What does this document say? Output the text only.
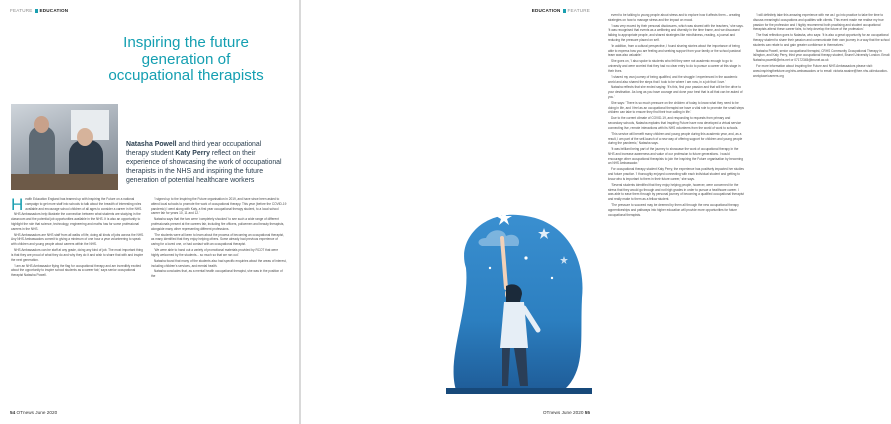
FEATURE EDUCATION
Inspiring the future generation of occupational therapists
Natasha Powell and third year occupational therapy student Katy Perry reflect on their experience of showcasing the work of occupational therapists in the NHS and inspiring the future generation of potential healthcare workers

Health Education England has teamed up with Inspiring the Future on a national campaign to get more staff into schools to talk about the breadth of interesting roles available and encourage school children of all ages to consider a career in the NHS.

NHS Ambassadors help illustrate the connection between what students are studying in the classroom and the potential job opportunities available in the NHS. It is also an opportunity to highlight the role that science, technology, engineering and maths has for some professional careers in the NHS.

NHS Ambassadors are NHS staff from all walks of life, doing all kinds of jobs across the NHS. Any NHS Ambassadors commit to giving a minimum of one hour a year volunteering to speak with children and young people about careers within the NHS.

NHS Ambassadors can be staff at any grade, doing any kind of job. The most important thing is that they are proud of what they do and why they do it and wish to share that with and inspire the next generation.

'I am an NHS Ambassador flying the flag for occupational therapy and am incredibly excited about the opportunity to inspire school students as a career fair,' says senior occupational therapist Natasha Powell.

'I signed up to the Inspiring the Future organisation in 2019, and have since been asked to attend local schools to promote the work of occupational therapy. This year (before the COVID-19 pandemic) I went along with Katy, a first year occupational therapy student, to a local school career fair for years 10, 11 and 12.'

Natasha says that the two were 'completely shocked' to see such a wide range of different professionals present at the careers fair, including fire officers, policemen and beauty therapists, alongside many other representing different professions.

'The students were all keen to learn about the process of becoming an occupational therapist, as many identified that they enjoy helping others. Some already had previous experience of caring for a loved one, or had contact with an occupational therapist.

'We were able to hand out a variety of promotional materials provided by RCOT that were highly welcomed by the students... so much so that we ran out.'

Natasha found that many of the students also had specific enquiries about the areas of interest, including children's services, and mental health.

Natasha concludes that, as a mental health occupational therapist, she was in the position of the

54 OTnews June 2020
EDUCATION FEATURE

event to be talking to young people about stress and to explore how it affects them – creating strategies on how to manage stress and the impact on mood.

'I was very moved by their personal disclosures, which was shared with the teachers,' she says. 'It was recognised that events as a wellbeing and diversity in the time frame, and we discussed talking to appropriate people, and shared strategies like mindfulness, reading, a journal and reducing the pressure placed on self.

'In addition, from a cultural perspective, I found sharing stories about the importance of being able to express how you are feeling and seeking support from your family or the school pastoral team was also valuable.'

She goes on, 'I also spoke to students who felt they were not academic enough to go to university and were worried that they had no clear entry to do to pursue a career at this stage in their lives.

'I shared my own journey of being qualified, and the struggle I experienced in the academic world and also shared the steps that I took to be where I am now, in a job that I love.'

Natasha reflects that she ended saying: 'It's this, find your passion and that will be the drive to your destination. As long as you have courage and done your best that is all that can be asked of you.'

She says: 'There is so much pressure on the children of today to know what they need to be doing in life, and I feel as an occupational therapist we have a vital role to promote the small steps children can take to ensure they find their true calling in life.'

Due to the current climate of COVID-19, and responding to requests from primary and secondary schools, Natasha explains that Inspiring Future have now developed a virtual service connecting live, remote interactions with its NHS volunteers from the world of work to schools.

'This service will benefit many children and young people during this academic year, and, as a result, I am part of the self-launch of a new way of offering support for children and young people during the pandemic,' Natasha says.

'It was brilliant being part of the journey to showcase the work of occupational therapy in the NHS and increase awareness and value of our profession to future generations. I would encourage other occupational therapists to join the Inspiring the Future organisation by becoming an NHS Ambassador.'

For occupational therapy student Katy Perry, the experience has positively impacted her studies and future practice. 'I thoroughly enjoyed connecting with each individual student and getting to know who is important to them in their future career,' she says.

'Several students identified that they enjoy helping people, however, were concerned for the stress that they would go through and not high grades in order to pursue a healthcare career. I was able to ease them through by personal journey of becoming a qualified occupational therapist and really make to them as a fellow student.

'The pressure to succeed may be deemed by them all through the new occupational therapy apprenticeships and pathways into higher education will provide more opportunities for future occupational therapists.

'I will definitely take this amazing experience with me as I go into practice to take the time to discuss meaningful occupations and qualities with clients. This event made me realise my true passion for the profession and I highly recommend both practising and student occupational therapists attend these career fairs, to help develop the future of the profession.'

The final reflection goes to Natasha, who says: 'It is also a great opportunity for an occupational therapy student to share their passion and communicate their own journey in a way that the school students can relate to and gain greater confidence in themselves.'

Natasha Powell, senior occupational therapist, CRHS Community Occupational Therapy in Islington, and Katy Perry, third year occupational therapy student, Brunel University London. Email: Natasha.powell6@nhs.net or 07172345@brunel.ac.uk

For more information about Inspiring the Future and NHS Ambassadors please visit: www.inspiringthefuture.org/nhs-ambassadors or to email: victoria.swaine@hee.nhs.uk/education-workplace/careers.org

OTnews June 2020 55
